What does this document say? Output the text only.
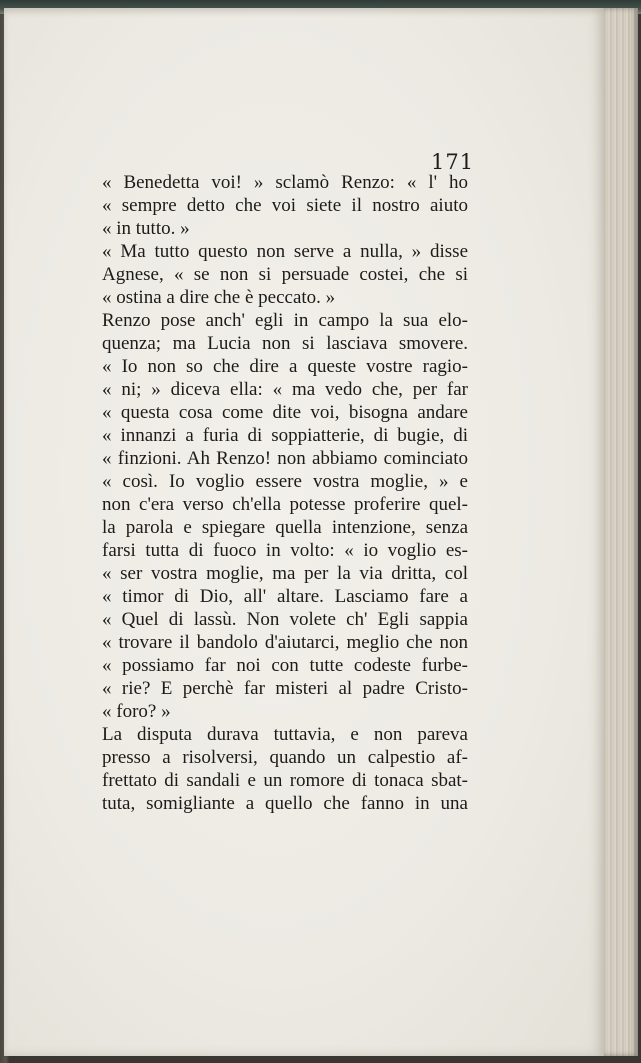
171
« Benedetta voi! » sclamò Renzo: « l' ho
« sempre detto che voi siete il nostro aiuto
« in tutto. »
« Ma tutto questo non serve a nulla, » disse
Agnese, « se non si persuade costei, che si
« ostina a dire che è peccato. »
Renzo pose anch' egli in campo la sua elo-
quenza; ma Lucia non si lasciava smovere.
« Io non so che dire a queste vostre ragio-
« ni; » diceva ella: « ma vedo che, per far
« questa cosa come dite voi, bisogna andare
« innanzi a furia di soppiatterie, di bugie, di
« finzioni. Ah Renzo! non abbiamo cominciato
« così. Io voglio essere vostra moglie, » e
non c'era verso ch'ella potesse proferire quel-
la parola e spiegare quella intenzione, senza
farsi tutta di fuoco in volto: « io voglio es-
« ser vostra moglie, ma per la via dritta, col
« timor di Dio, all' altare. Lasciamo fare a
« Quel di lassù. Non volete ch' Egli sappia
« trovare il bandolo d'aiutarci, meglio che non
« possiamo far noi con tutte codeste furbe-
« rie? E perchè far misteri al padre Cristo-
« foro? »
La disputa durava tuttavia, e non pareva
presso a risolversi, quando un calpestio af-
frettato di sandali e un romore di tonaca sbat-
tuta, somigliante a quello che fanno in una
